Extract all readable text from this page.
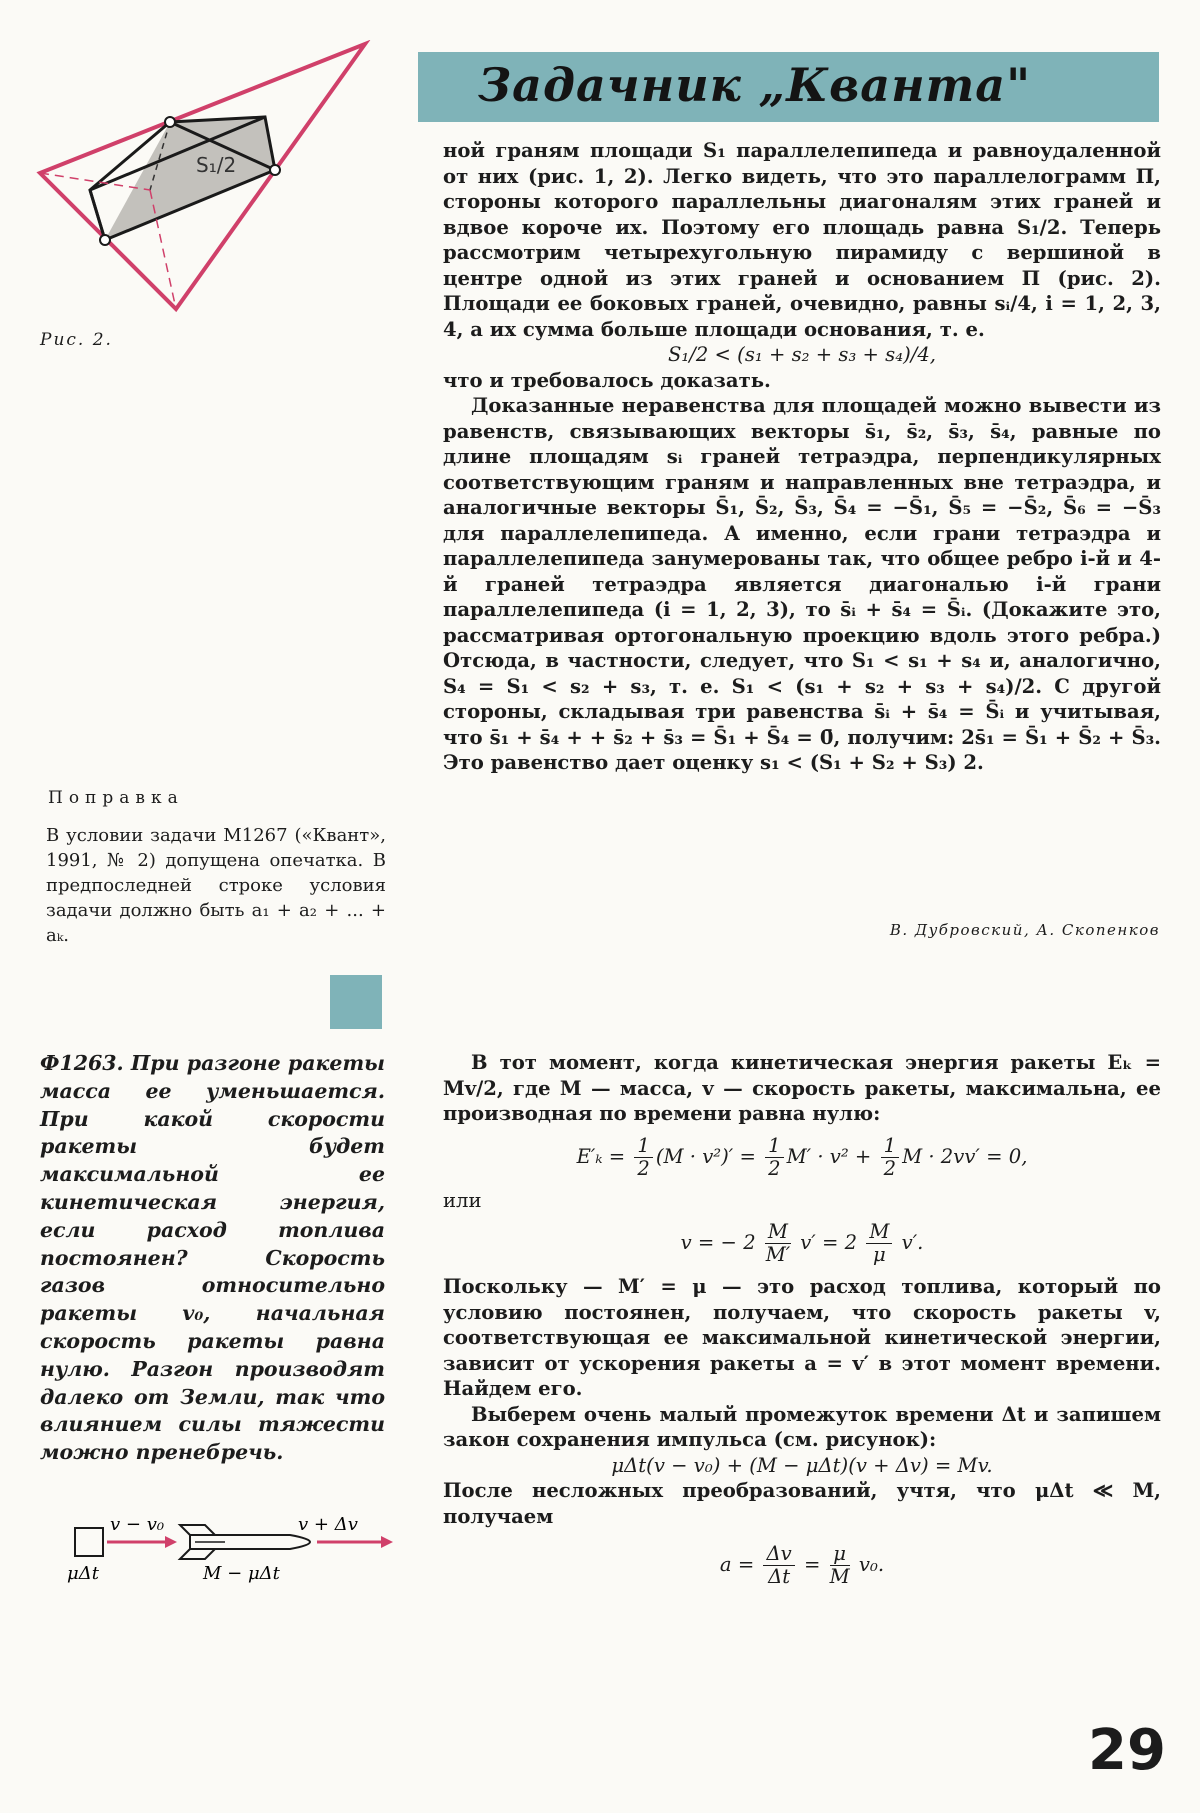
Задачник „Кванта"
S₁/2
Рис. 2.

ной граням площади S₁ параллелепипеда и равноудаленной от них (рис. 1, 2). Легко видеть, что это параллелограмм П, стороны которого параллельны диагоналям этих граней и вдвое короче их. Поэтому его площадь равна S₁/2. Теперь рассмотрим четырехугольную пирамиду с вершиной в центре одной из этих граней и основанием П (рис. 2). Площади ее боковых граней, очевидно, равны sᵢ/4, i = 1, 2, 3, 4, а их сумма больше площади основания, т. е.

S₁/2 < (s₁ + s₂ + s₃ + s₄)/4,

что и требовалось доказать.

Доказанные неравенства для площадей можно вывести из равенств, связывающих векторы s̄₁, s̄₂, s̄₃, s̄₄, равные по длине площадям sᵢ граней тетраэдра, перпендикулярных соответствующим граням и направленных вне тетраэдра, и аналогичные векторы S̄₁, S̄₂, S̄₃, S̄₄ = −S̄₁, S̄₅ = −S̄₂, S̄₆ = −S̄₃ для параллелепипеда. А именно, если грани тетраэдра и параллелепипеда занумерованы так, что общее ребро i-й и 4-й граней тетраэдра является диагональю i-й грани параллелепипеда (i = 1, 2, 3), то s̄ᵢ + s̄₄ = S̄ᵢ. (Докажите это, рассматривая ортогональную проекцию вдоль этого ребра.) Отсюда, в частности, следует, что S₁ < s₁ + s₄ и, аналогично, S₄ = S₁ < s₂ + s₃, т. е. S₁ < (s₁ + s₂ + s₃ + s₄)/2. С другой стороны, складывая три равенства s̄ᵢ + s̄₄ = S̄ᵢ и учитывая, что s̄₁ + s̄₄ + + s̄₂ + s̄₃ = S̄₁ + S̄₄ = 0̄, получим: 2s̄₁ = S̄₁ + S̄₂ + S̄₃. Это равенство дает оценку s₁ < (S₁ + S₂ + S₃) 2.

В. Дубровский, А. Скопенков
Поправка
В условии задачи М1267 («Квант», 1991, № 2) допущена опечатка. В предпоследней строке условия задачи должно быть a₁ + a₂ + ... + aₖ.
Ф1263. При разгоне ракеты масса ее уменьшается. При какой скорости ракеты будет максимальной ее кинетическая энергия, если расход топлива постоянен? Скорость газов относительно ракеты v₀, начальная скорость ракеты равна нулю. Разгон производят далеко от Земли, так что влиянием силы тяжести можно пренебречь.
v − v₀
μΔt
v + Δv
M − μΔt

В тот момент, когда кинетическая энергия ракеты Eₖ = Mv/2, где M — масса, v — скорость ракеты, максимальна, ее производная по времени равна нулю:

$E'_k = \frac{1}{2} (M \cdot v^2)' = \frac{1}{2} M' \cdot v^2 + \frac{1}{2}$ M · 2vv′ = 0,

или

v = − $2 \frac{M}{M'} v' = 2 \frac{M}{\mu} v'$.

Поскольку — M′ = μ — это расход топлива, который по условию постоянен, получаем, что скорость ракеты v, соответствующая ее максимальной кинетической энергии, зависит от ускорения ракеты a = v′ в этот момент времени. Найдем его.

Выберем очень малый промежуток времени Δt и запишем закон сохранения импульса (см. рисунок):

μΔt(v − v₀) + (M − μΔt)(v + Δv) = Mv.

После несложных преобразований, учтя, что μΔt ≪ M, получаем

$a = \frac{\Delta v}{\Delta t} = \frac{\mu}{M} v_0$.

29
